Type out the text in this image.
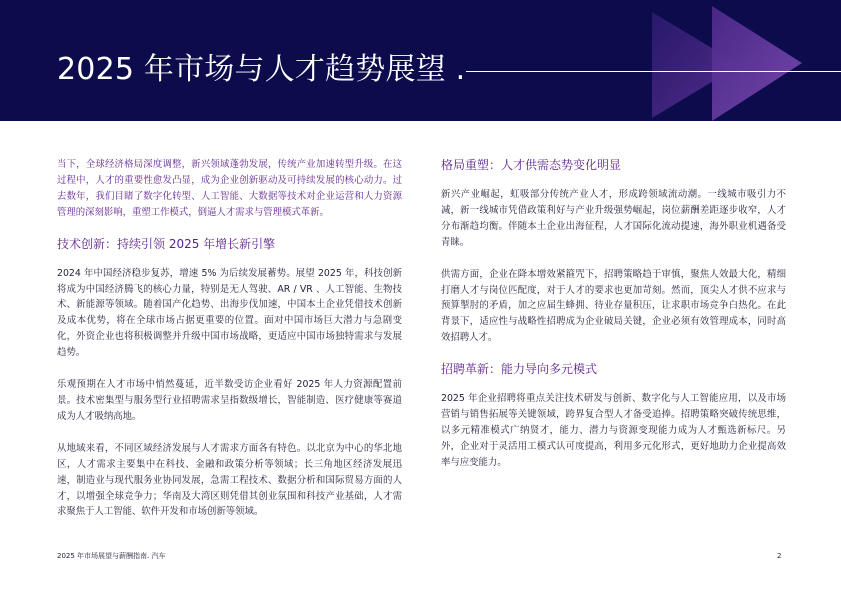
2025 年市场与人才趋势展望 .

当下，全球经济格局深度调整，新兴领域蓬勃发展，传统产业加速转型升级。在这过程中，人才的重要性愈发凸显，成为企业创新驱动及可持续发展的核心动力。过去数年，我们目睹了数字化转型、人工智能、大数据等技术对企业运营和人力资源管理的深刻影响，重塑工作模式，倒逼人才需求与管理模式革新。

技术创新：持续引领 2025 年增长新引擎

2024 年中国经济稳步复苏，增速 5% 为后续发展蓄势。展望 2025 年，科技创新将成为中国经济腾飞的核心力量，特别是无人驾驶、AR / VR 、人工智能、生物技术、新能源等领域。随着国产化趋势、出海步伐加速，中国本土企业凭借技术创新及成本优势，将在全球市场占据更重要的位置。面对中国市场巨大潜力与急剧变化，外资企业也将积极调整并升级中国市场战略，更适应中国市场独特需求与发展趋势。

乐观预期在人才市场中悄然蔓延，近半数受访企业看好 2025 年人力资源配置前景。技术密集型与服务型行业招聘需求呈指数级增长，智能制造、医疗健康等赛道成为人才吸纳高地。

从地域来看，不同区域经济发展与人才需求方面各有特色。以北京为中心的华北地区，人才需求主要集中在科技、金融和政策分析等领域；长三角地区经济发展迅速，制造业与现代服务业协同发展，急需工程技术、数据分析和国际贸易方面的人才，以增强全球竞争力；华南及大湾区则凭借其创业氛围和科技产业基础，人才需求聚焦于人工智能、软件开发和市场创新等领域。

格局重塑：人才供需态势变化明显

新兴产业崛起，虹吸部分传统产业人才，形成跨领域流动潮。一线城市吸引力不减，新一线城市凭借政策利好与产业升级强势崛起，岗位薪酬差距逐步收窄，人才分布渐趋均衡。伴随本土企业出海征程，人才国际化流动提速，海外职业机遇备受青睐。

供需方面，企业在降本增效紧箍咒下，招聘策略趋于审慎，聚焦人效最大化，精细打磨人才与岗位匹配度，对于人才的要求也更加苛刻。然而，顶尖人才供不应求与预算掣肘的矛盾，加之应届生蜂拥、待业存量积压，让求职市场竞争白热化。在此背景下，适应性与战略性招聘成为企业破局关键，企业必须有效管理成本，同时高效招聘人才。

招聘革新：能力导向多元模式

2025 年企业招聘将重点关注技术研发与创新、数字化与人工智能应用，以及市场营销与销售拓展等关键领域，跨界复合型人才备受追捧。招聘策略突破传统思维，以多元精准模式广纳贤才，能力、潜力与资源变现能力成为人才甄选新标尺。另外，企业对于灵活用工模式认可度提高，利用多元化形式，更好地助力企业提高效率与应变能力。

2025 年市场展望与薪酬指南. 汽车	2
